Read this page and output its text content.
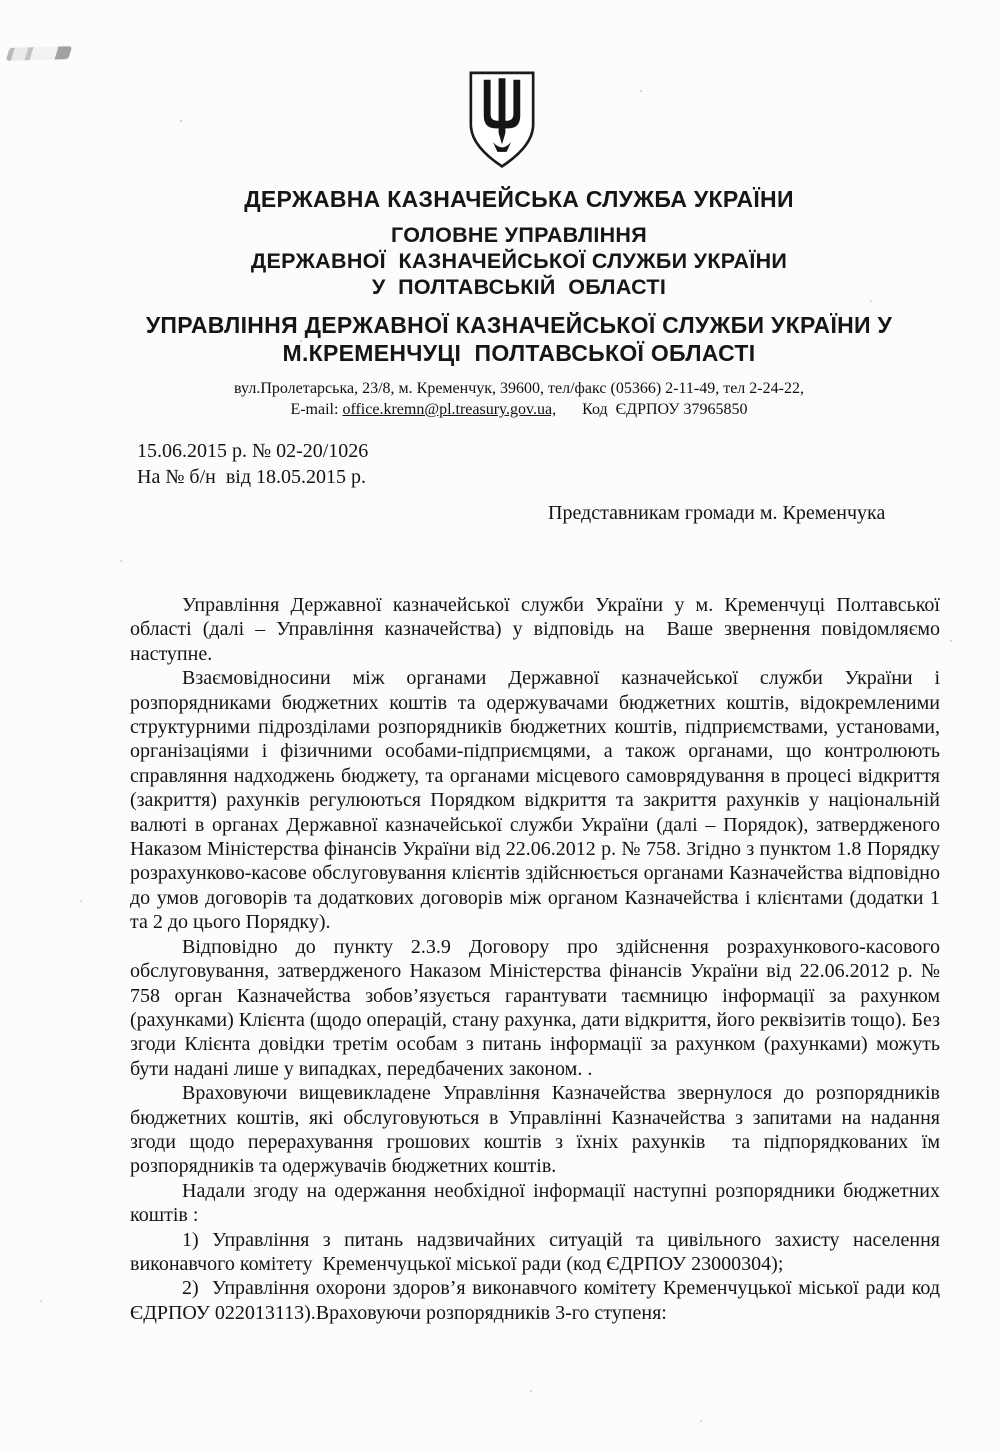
ДЕРЖАВНА КАЗНАЧЕЙСЬКА СЛУЖБА УКРАЇНИ
ГОЛОВНЕ УПРАВЛІННЯ
ДЕРЖАВНОЇ  КАЗНАЧЕЙСЬКОЇ СЛУЖБИ УКРАЇНИ
У  ПОЛТАВСЬКІЙ  ОБЛАСТІ
УПРАВЛІННЯ ДЕРЖАВНОЇ КАЗНАЧЕЙСЬКОЇ СЛУЖБИ УКРАЇНИ У
М.КРЕМЕНЧУЦІ  ПОЛТАВСЬКОЇ ОБЛАСТІ
вул.Пролетарська, 23/8, м. Кременчук, 39600, тел/факс (05366) 2-11-49, тел 2-24-22,
E-mail: office.kremn@pl.treasury.gov.ua, Код  ЄДРПОУ 37965850
15.06.2015 р. № 02-20/1026
На № б/н  від 18.05.2015 р.
Представникам громади м. Кременчука

Управління Державної казначейської служби України у м. Кременчуці Полтавської області (далі – Управління казначейства) у відповідь на  Ваше звернення повідомляємо наступне.

Взаємовідносини між органами Державної казначейської служби України і розпорядниками бюджетних коштів та одержувачами бюджетних коштів, відокремленими структурними підрозділами розпорядників бюджетних коштів, підприємствами, установами, організаціями і фізичними особами-підприємцями, а також органами, що контролюють справляння надходжень бюджету, та органами місцевого самоврядування в процесі відкриття (закриття) рахунків регулюються Порядком відкриття та закриття рахунків у національній валюті в органах Державної казначейської служби України (далі – Порядок), затвердженого Наказом Міністерства фінансів України від 22.06.2012 р. № 758. Згідно з пунктом 1.8 Порядку розрахунково-касове обслуговування клієнтів здійснюється органами Казначейства відповідно до умов договорів та додаткових договорів між органом Казначейства і клієнтами (додатки 1 та 2 до цього Порядку).

Відповідно до пункту 2.3.9 Договору про здійснення розрахункового-касового обслуговування, затвердженого Наказом Міністерства фінансів України від 22.06.2012 р. № 758 орган Казначейства зобов’язується гарантувати таємницю інформації за рахунком (рахунками) Клієнта (щодо операцій, стану рахунка, дати відкриття, його реквізитів тощо). Без згоди Клієнта довідки третім особам з питань інформації за рахунком (рахунками) можуть бути надані лише у випадках, передбачених законом. .

Враховуючи вищевикладене Управління Казначейства звернулося до розпорядників бюджетних коштів, які обслуговуються в Управлінні Казначейства з запитами на надання згоди щодо перерахування грошових коштів з їхніх рахунків  та підпорядкованих їм розпорядників та одержувачів бюджетних коштів.

Надали згоду на одержання необхідної інформації наступні розпорядники бюджетних коштів :

1) Управління з питань надзвичайних ситуацій та цивільного захисту населення виконавчого комітету  Кременчуцької міської ради (код ЄДРПОУ 23000304);

2)  Управління охорони здоров’я виконавчого комітету Кременчуцької міської ради код ЄДРПОУ 022013113).Враховуючи розпорядників 3-го ступеня:
